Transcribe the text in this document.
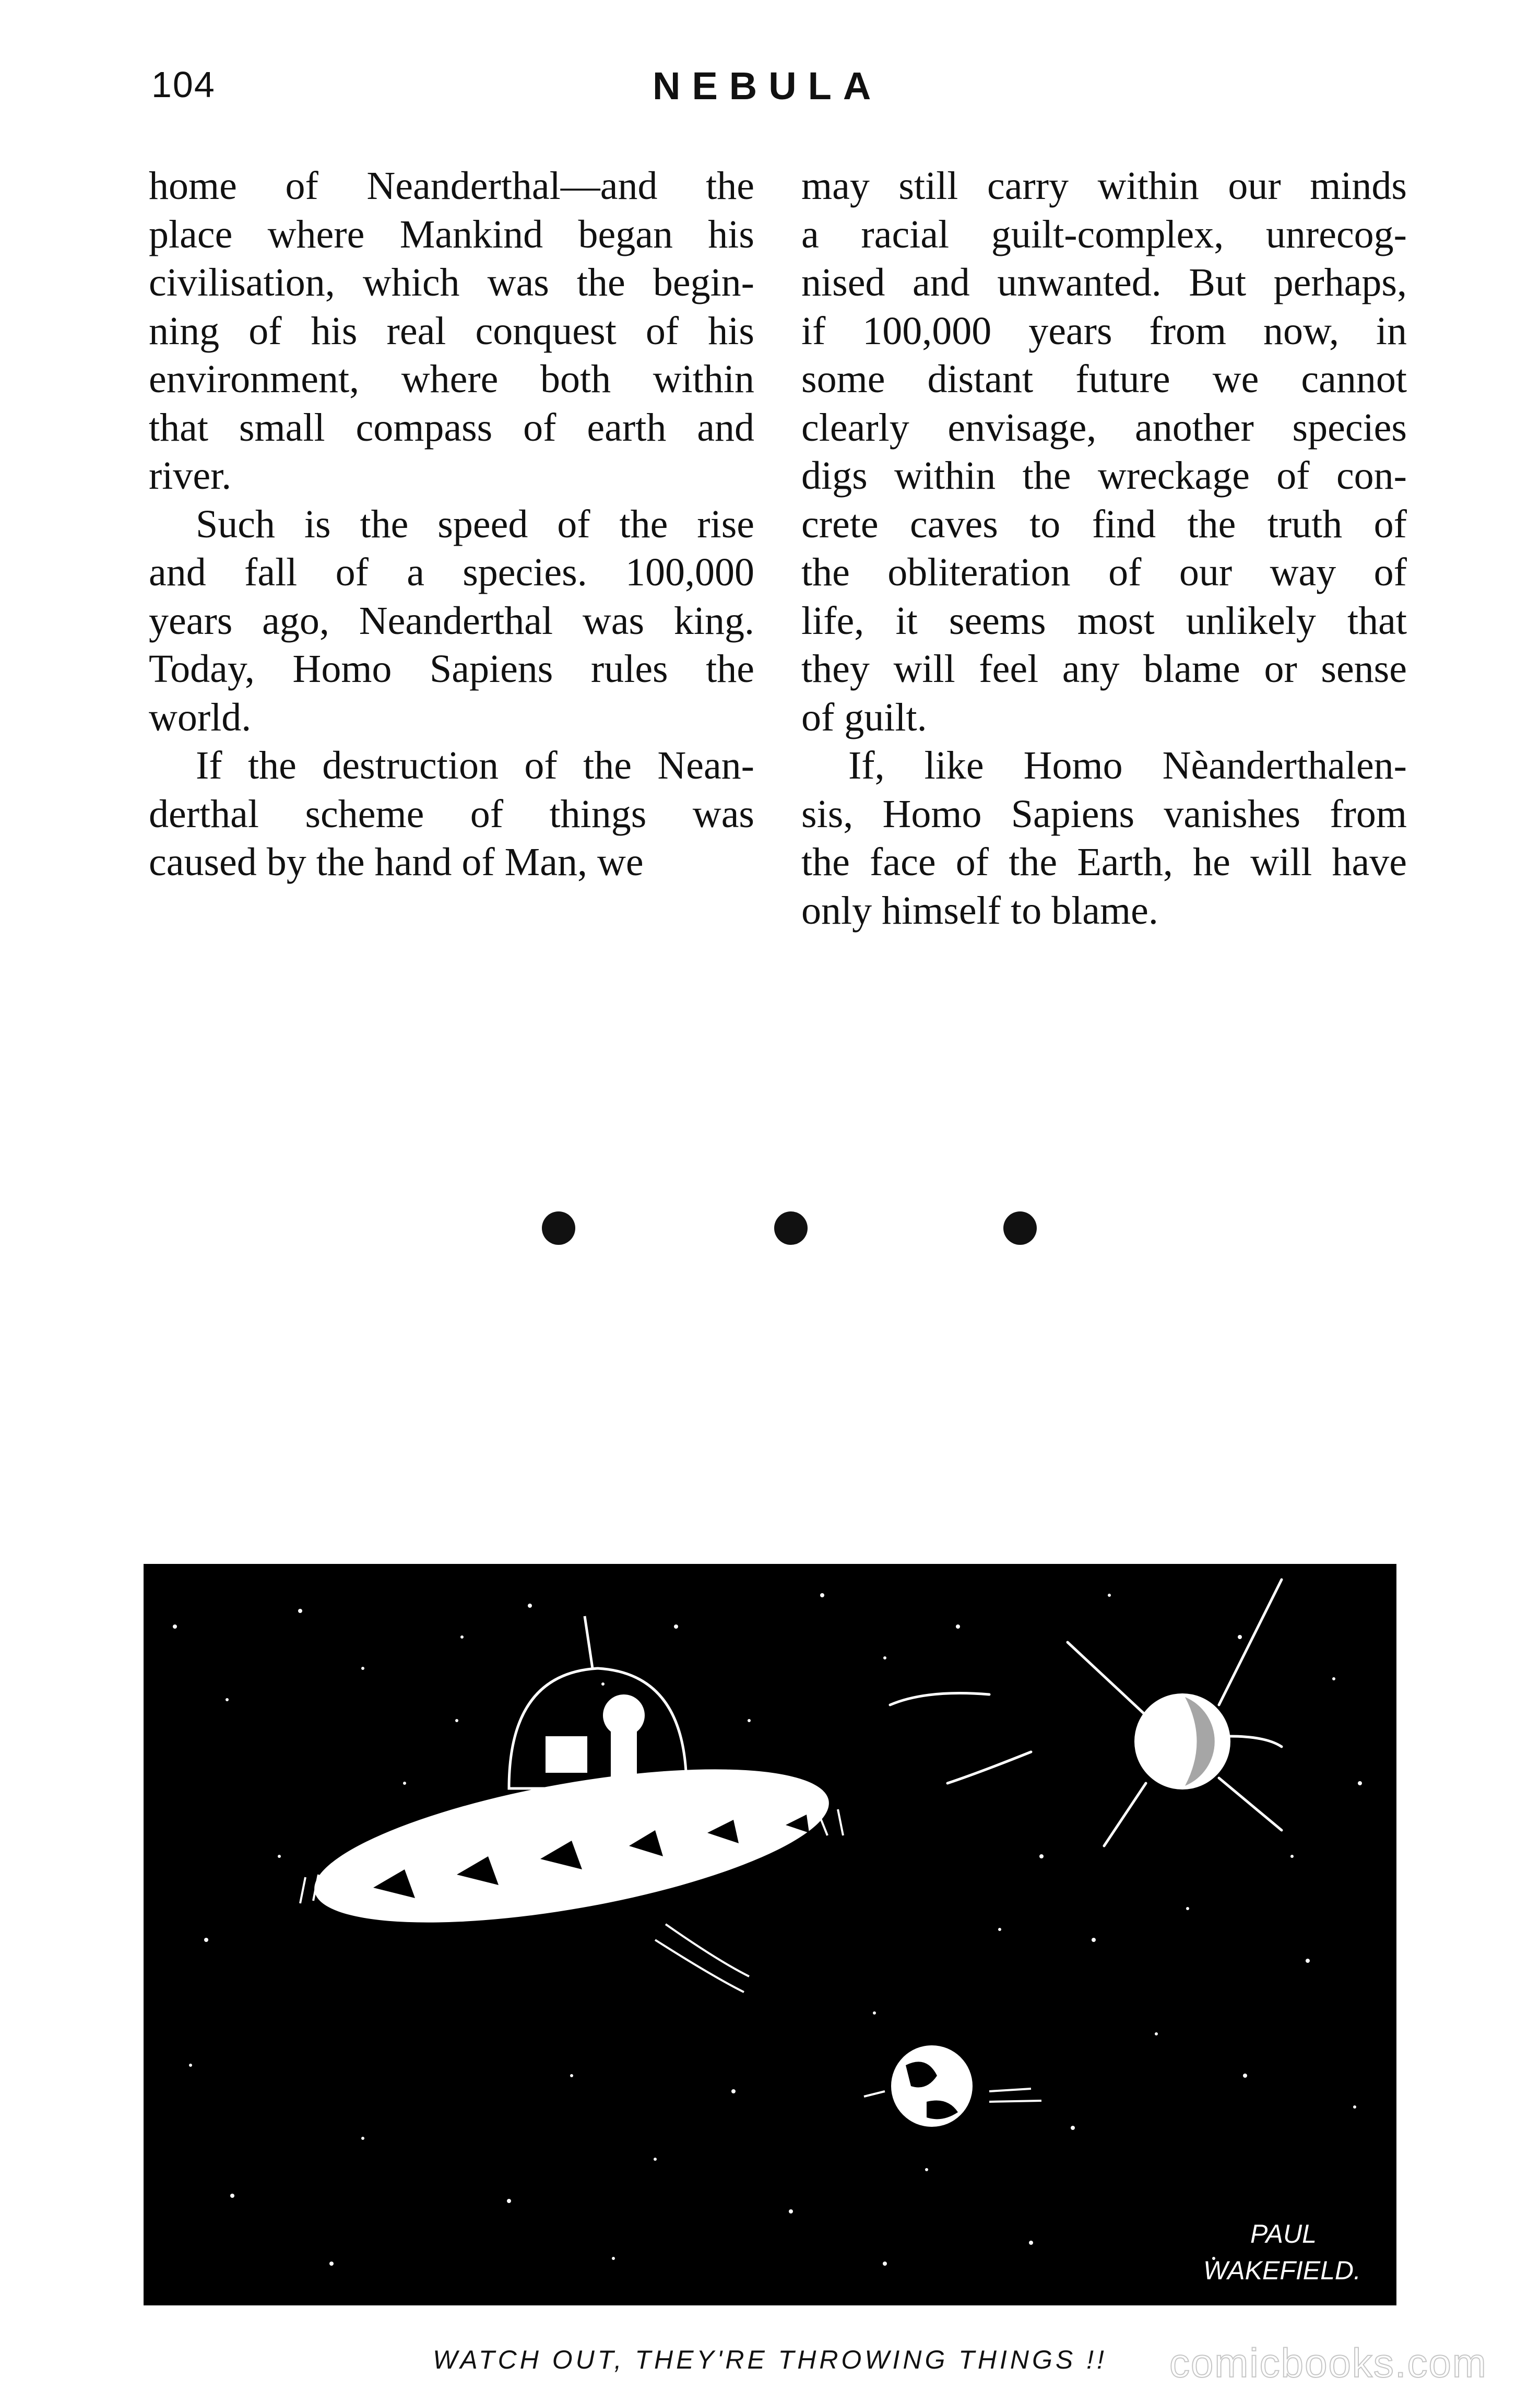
104	NEBULA

home of Neanderthal—and the
place where Mankind began his
civilisation, which was the begin-
ning of his real conquest of his
environment, where both within
that small compass of earth and
river.

Such is the speed of the rise
and fall of a species. 100,000
years ago, Neanderthal was king.
Today, Homo Sapiens rules the
world.

If the destruction of the Nean-
derthal scheme of things was
caused by the hand of Man, we

may still carry within our minds
a racial guilt-complex, unrecog-
nised and unwanted. But perhaps,
if 100,000 years from now, in
some distant future we cannot
clearly envisage, another species
digs within the wreckage of con-
crete caves to find the truth of
the obliteration of our way of
life, it seems most unlikely that
they will feel any blame or sense
of guilt.

If, like Homo Nèanderthalen-
sis, Homo Sapiens vanishes from
the face of the Earth, he will have
only himself to blame.

PAUL
WAKEFIELD.
WATCH OUT, THEY'RE THROWING THINGS !!	comicbooks.com
